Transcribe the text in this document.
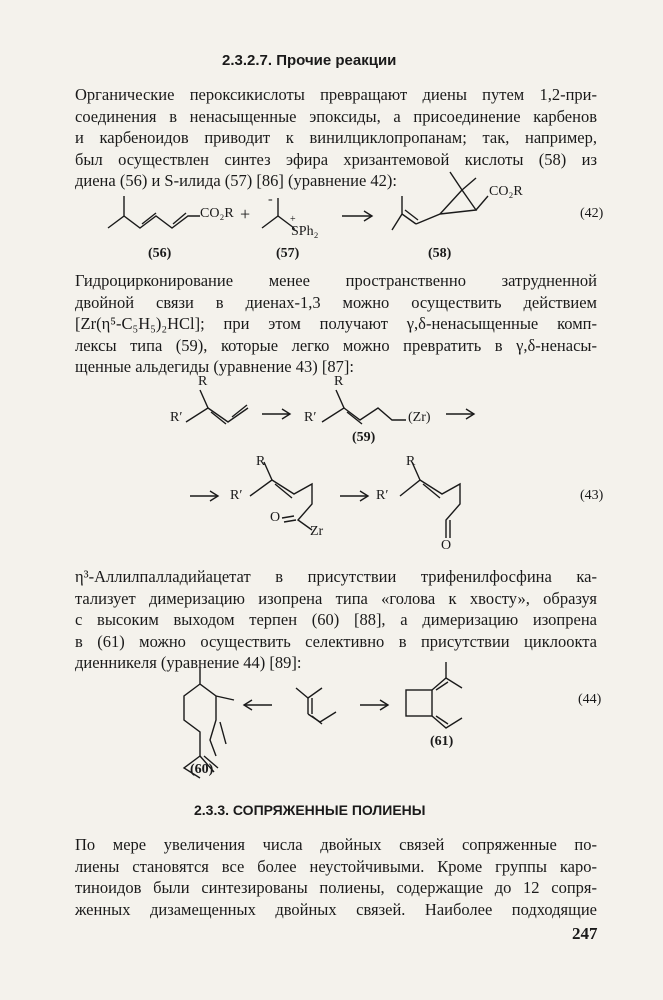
2.3.2.7. Прочие реакции
Органические пероксикислоты превращают диены путем 1,2-при-
соединения в ненасыщенные эпоксиды, а присоединение карбенов
и карбеноидов приводит к винилциклопропанам; так, например,
был осуществлен синтез эфира хризантемовой кислоты (58) из
диена (56) и S-илида (57) [86] (уравнение 42):
CO₂R +
-
+
SPh₂
CO₂R
(42)
(56)	(57)	(58)
Гидроцирконирование менее пространственно затрудненной
двойной связи в диенах-1,3 можно осуществить действием
[Zr(η⁵-C₅H₅)₂HCl]; при этом получают γ,δ-ненасыщенные комп-
лексы типа (59), которые легко можно превратить в γ,δ-ненасы-
щенные альдегиды (уравнение 43) [87]:
R
R′
R
R′	(Zr)
(59)
R
R′
O
Zr
R
R′
O
(43)
η³-Аллилпалладийацетат в присутствии трифенилфосфина ка-
тализует димеризацию изопрена типа «голова к хвосту», образуя
с высоким выходом терпен (60) [88], а димеризацию изопрена
в (61) можно осуществить селективно в присутствии циклоокта
диенникеля (уравнение 44) [89]:
(44)
(60)
(61)
2.3.3. СОПРЯЖЕННЫЕ ПОЛИЕНЫ
По мере увеличения числа двойных связей сопряженные по-
лиены становятся все более неустойчивыми. Кроме группы каро-
тиноидов были синтезированы полиены, содержащие до 12 сопря-
женных дизамещенных двойных связей. Наиболее подходящие
247
